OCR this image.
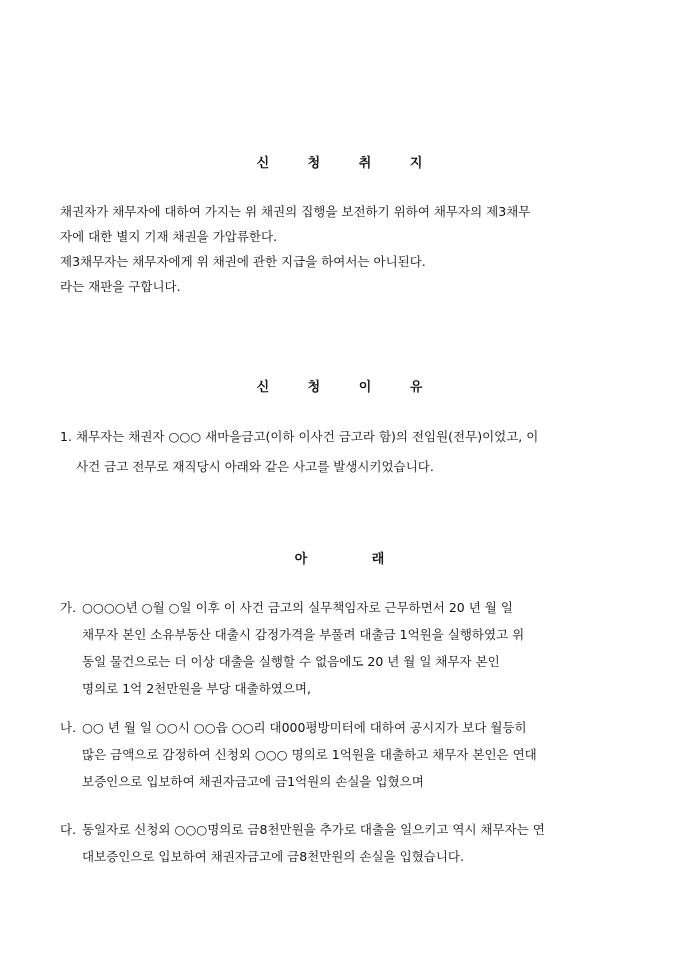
신 청 취 지
채권자가 채무자에 대하여 가지는 위 채권의 집행을 보전하기 위하여 채무자의 제3채무
자에 대한 별지 기재 채권을 가압류한다.
제3채무자는 채무자에게 위 채권에 관한 지급을 하여서는 아니된다.
라는 재판을 구합니다.
신 청 이 유
1. 채무자는 채권자 ○○○ 새마을금고(이하 이사건 금고라 함)의 전임원(전무)이었고, 이
사건 금고 전무로 재직당시 아래와 같은 사고를 발생시키었습니다.
아 래
가. ○○○○년 ○월 ○일 이후 이 사건 금고의 실무책임자로 근무하면서 20 년 월 일
채무자 본인 소유부동산 대출시 감정가격을 부풀려 대출금 1억원을 실행하였고 위
동일 물건으로는 더 이상 대출을 실행할 수 없음에도 20 년 월 일 채무자 본인
명의로 1억 2천만원을 부당 대출하였으며,
나. ○○ 년 월 일 ○○시 ○○읍 ○○리 대000평방미터에 대하여 공시지가 보다 월등히
많은 금액으로 감정하여 신청외 ○○○ 명의로 1억원을 대출하고 채무자 본인은 연대
보증인으로 입보하여 채권자금고에 금1억원의 손실을 입혔으며
다. 동일자로 신청외 ○○○명의로 금8천만원을 추가로 대출을 일으키고 역시 채무자는 연
대보증인으로 입보하여 채권자금고에 금8천만원의 손실을 입혔습니다.
